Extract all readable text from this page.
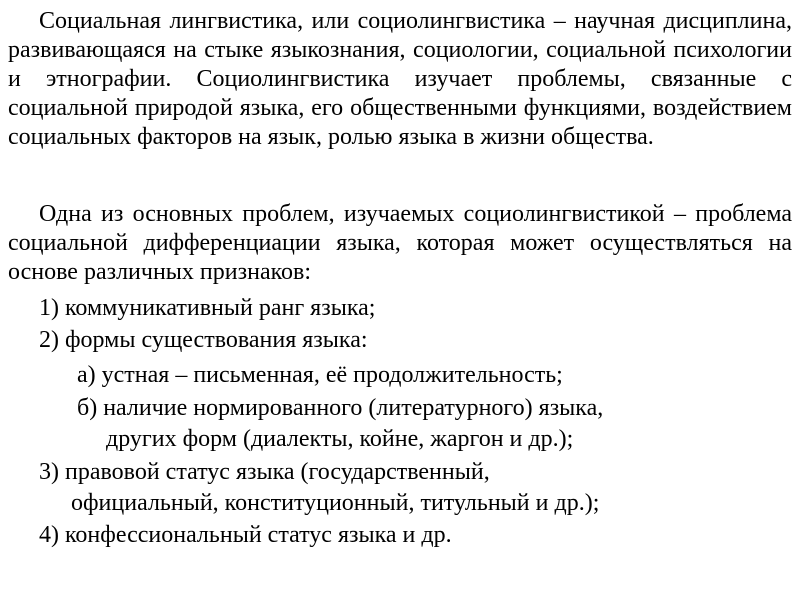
Социальная лингвистика, или социолингвистика – научная дисциплина, развивающаяся на стыке языкознания, социологии, социальной психологии и этнографии. Социолингвистика изучает проблемы, связанные с социальной природой языка, его общественными функциями, воздействием социальных факторов на язык, ролью языка в жизни общества.

Одна из основных проблем, изучаемых социолингвистикой – проблема социальной дифференциации языка, которая может осуществляться на основе различных признаков:

1) коммуникативный ранг языка;
2) формы существования языка:
а) устная – письменная, её продолжительность;
б) наличие нормированного (литературного) языка,
других форм (диалекты, койне, жаргон и др.);
3) правовой статус языка (государственный,
официальный, конституционный, титульный и др.);
4) конфессиональный статус языка и др.
